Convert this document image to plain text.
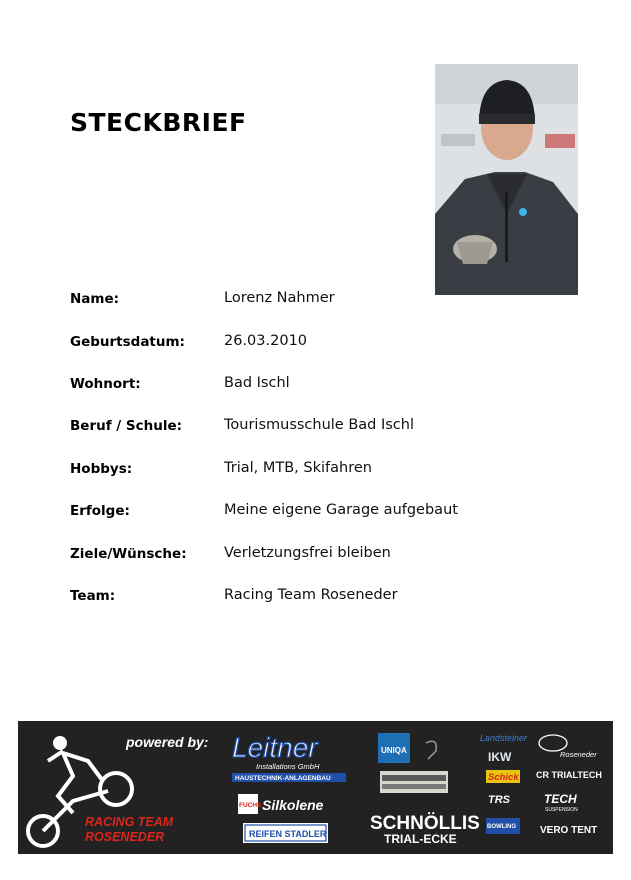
STECKBRIEF
Name:	Lorenz Nahmer
Geburtsdatum:	26.03.2010
Wohnort:	Bad Ischl
Beruf / Schule:	Tourismusschule Bad Ischl
Hobbys:	Trial, MTB, Skifahren
Erfolge:	Meine eigene Garage aufgebaut
Ziele/Wünsche:	Verletzungsfrei bleiben
Team:	Racing Team Roseneder
RACING TEAM
ROSENEDER
powered by: Leitner
Installations GmbH
HAUSTECHNIK-ANLAGENBAU
FUCHS Silkolene
REIFEN STADLER
UNIQA
SCHNÖLLIS
TRIAL-ECKE
Landsteiner
IKW
Schick
TRS
BOWLING
Roseneder
CR TRIALTECH
TECH
SUSPENSION
VERO TENT
